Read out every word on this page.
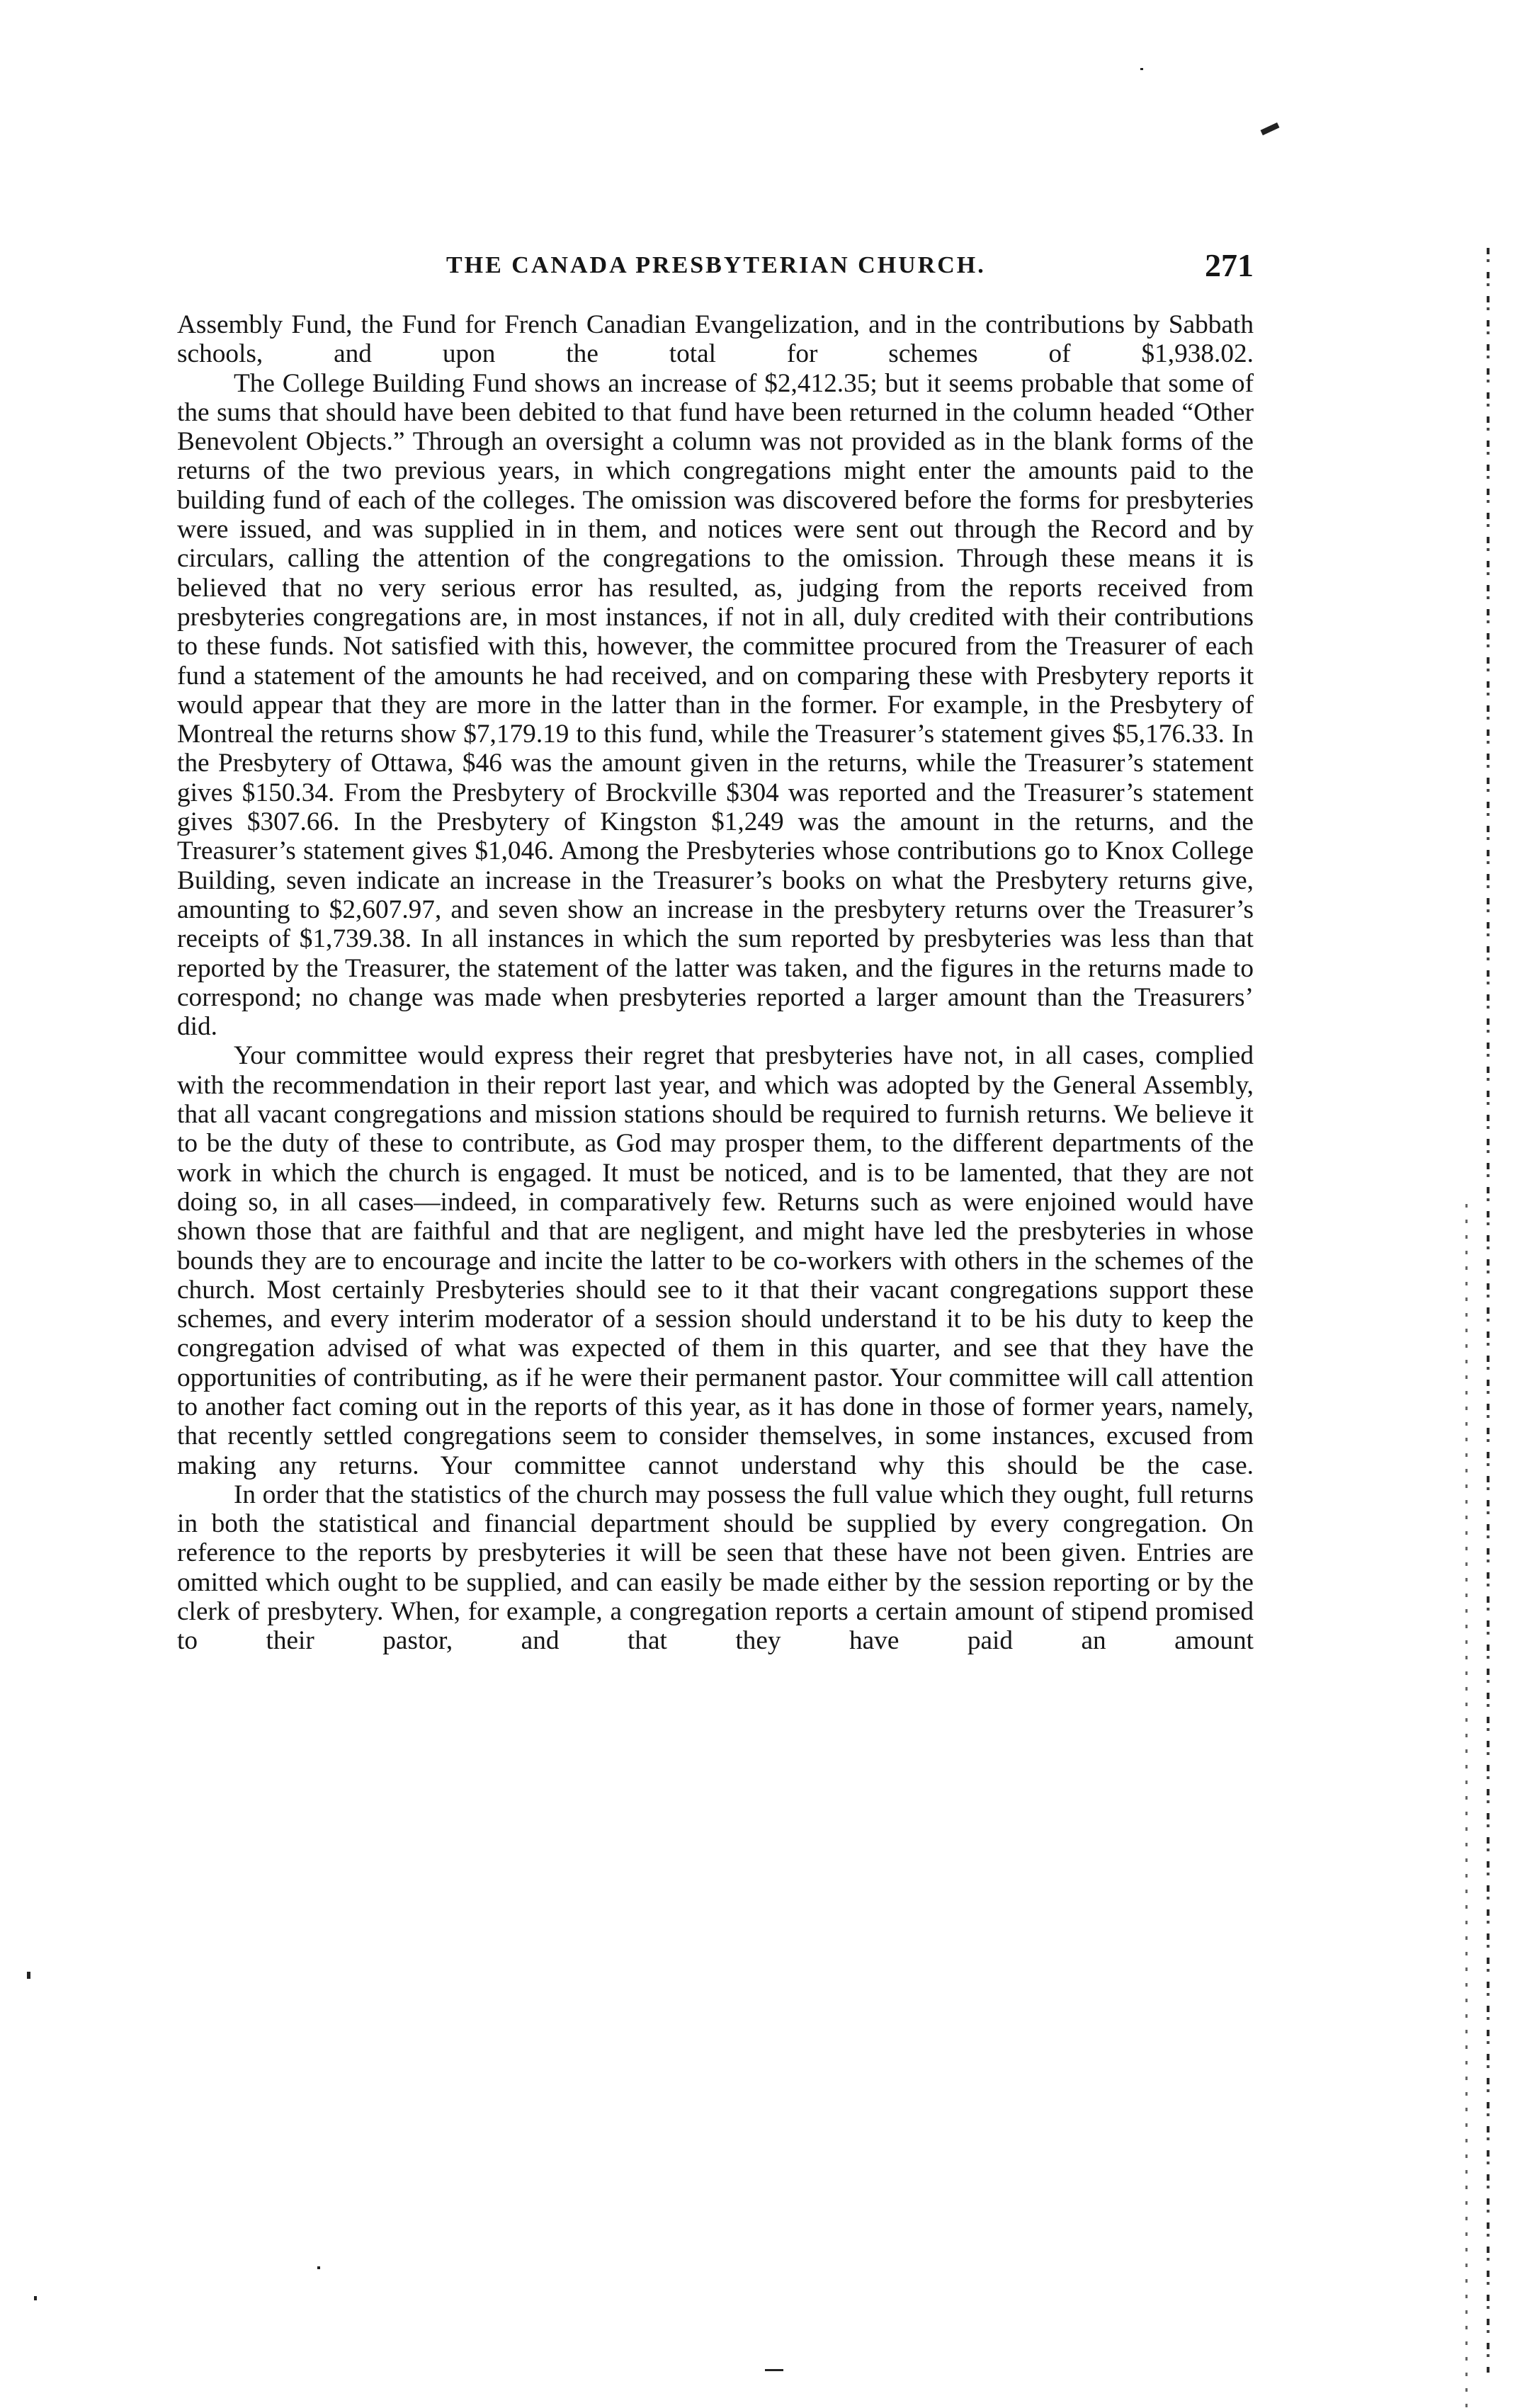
THE CANADA PRESBYTERIAN CHURCH.	271

Assembly Fund, the Fund for French Canadian Evangelization, and in the contributions by Sabbath schools, and upon the total for schemes of $1,938.02.

The College Building Fund shows an increase of $2,412.35; but it seems probable that some of the sums that should have been debited to that fund have been returned in the column headed “Other Benevolent Objects.” Through an oversight a column was not provided as in the blank forms of the returns of the two previous years, in which congregations might enter the amounts paid to the building fund of each of the colleges. The omission was discovered before the forms for presbyteries were issued, and was supplied in in them, and notices were sent out through the Record and by circulars, calling the attention of the congregations to the omission. Through these means it is believed that no very serious error has resulted, as, judging from the reports received from presbyteries congregations are, in most instances, if not in all, duly credited with their contributions to these funds. Not satisfied with this, however, the committee procured from the Treasurer of each fund a statement of the amounts he had received, and on comparing these with Presbytery reports it would appear that they are more in the latter than in the former. For example, in the Presbytery of Montreal the returns show $7,179.19 to this fund, while the Treasurer’s statement gives $5,176.33. In the Presbytery of Ottawa, $46 was the amount given in the returns, while the Treasurer’s statement gives $150.34. From the Presbytery of Brockville $304 was reported and the Treasurer’s statement gives $307.66. In the Presbytery of Kingston $1,249 was the amount in the returns, and the Treasurer’s statement gives $1,046. Among the Presbyteries whose contributions go to Knox College Building, seven indicate an increase in the Treasurer’s books on what the Presbytery returns give, amounting to $2,607.97, and seven show an increase in the presbytery returns over the Treasurer’s receipts of $1,739.38. In all instances in which the sum reported by presbyteries was less than that reported by the Treasurer, the statement of the latter was taken, and the figures in the returns made to correspond; no change was made when presbyteries reported a larger amount than the Treasurers’ did.

Your committee would express their regret that presbyteries have not, in all cases, complied with the recommendation in their report last year, and which was adopted by the General Assembly, that all vacant congregations and mission stations should be required to furnish returns. We believe it to be the duty of these to contribute, as God may prosper them, to the different departments of the work in which the church is engaged. It must be noticed, and is to be lamented, that they are not doing so, in all cases—indeed, in comparatively few. Returns such as were enjoined would have shown those that are faithful and that are negligent, and might have led the presbyteries in whose bounds they are to encourage and incite the latter to be co-workers with others in the schemes of the church. Most certainly Presbyteries should see to it that their vacant congregations support these schemes, and every interim moderator of a session should understand it to be his duty to keep the congregation advised of what was expected of them in this quarter, and see that they have the opportunities of contributing, as if he were their permanent pastor. Your committee will call attention to another fact coming out in the reports of this year, as it has done in those of former years, namely, that recently settled congregations seem to consider themselves, in some instances, excused from making any returns. Your committee cannot understand why this should be the case.

In order that the statistics of the church may possess the full value which they ought, full returns in both the statistical and financial department should be supplied by every congregation. On reference to the reports by presbyteries it will be seen that these have not been given. Entries are omitted which ought to be supplied, and can easily be made either by the session reporting or by the clerk of presbytery. When, for example, a congregation reports a certain amount of stipend promised to their pastor, and that they have paid an amount
